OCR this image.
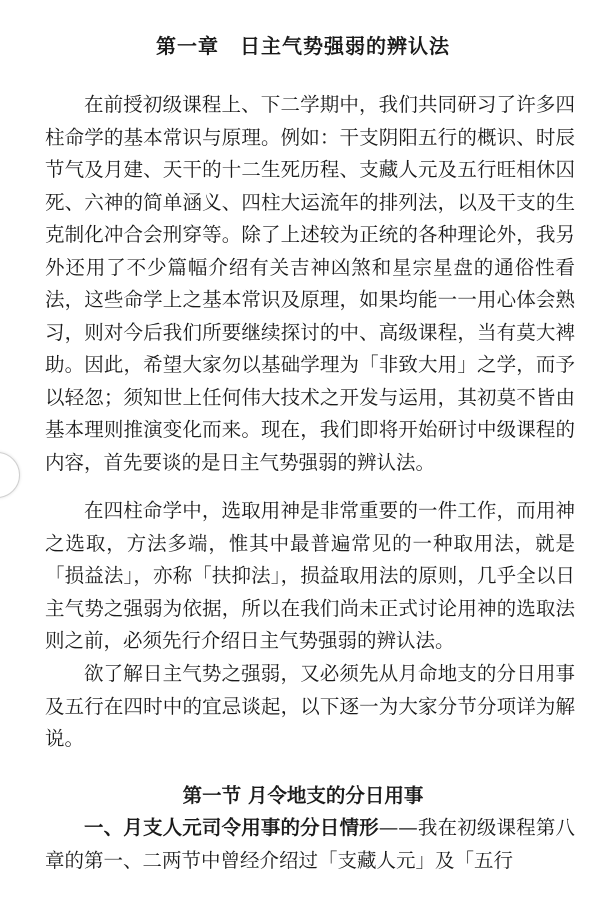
第一章　日主气势强弱的辨认法
在前授初级课程上、下二学期中，我们共同研习了许多四柱命学的基本常识与原理。例如：干支阴阳五行的概识、时辰节气及月建、天干的十二生死历程、支藏人元及五行旺相休囚死、六神的简单涵义、四柱大运流年的排列法，以及干支的生克制化冲合会刑穿等。除了上述较为正统的各种理论外，我另外还用了不少篇幅介绍有关吉神凶煞和星宗星盘的通俗性看法，这些命学上之基本常识及原理，如果均能一一用心体会熟习，则对今后我们所要继续探讨的中、高级课程，当有莫大裨助。因此，希望大家勿以基础学理为「非致大用」之学，而予以轻忽；须知世上任何伟大技术之开发与运用，其初莫不皆由基本理则推演变化而来。现在，我们即将开始研讨中级课程的内容，首先要谈的是日主气势强弱的辨认法。
在四柱命学中，选取用神是非常重要的一件工作，而用神之选取，方法多端，惟其中最普遍常见的一种取用法，就是「损益法」，亦称「扶抑法」，损益取用法的原则，几乎全以日主气势之强弱为依据，所以在我们尚未正式讨论用神的选取法则之前，必须先行介绍日主气势强弱的辨认法。
欲了解日主气势之强弱，又必须先从月命地支的分日用事及五行在四时中的宜忌谈起，以下逐一为大家分节分项详为解说。
第一节 月令地支的分日用事
一、月支人元司令用事的分日情形——我在初级课程第八章的第一、二两节中曾经介绍过「支藏人元」及「五行
